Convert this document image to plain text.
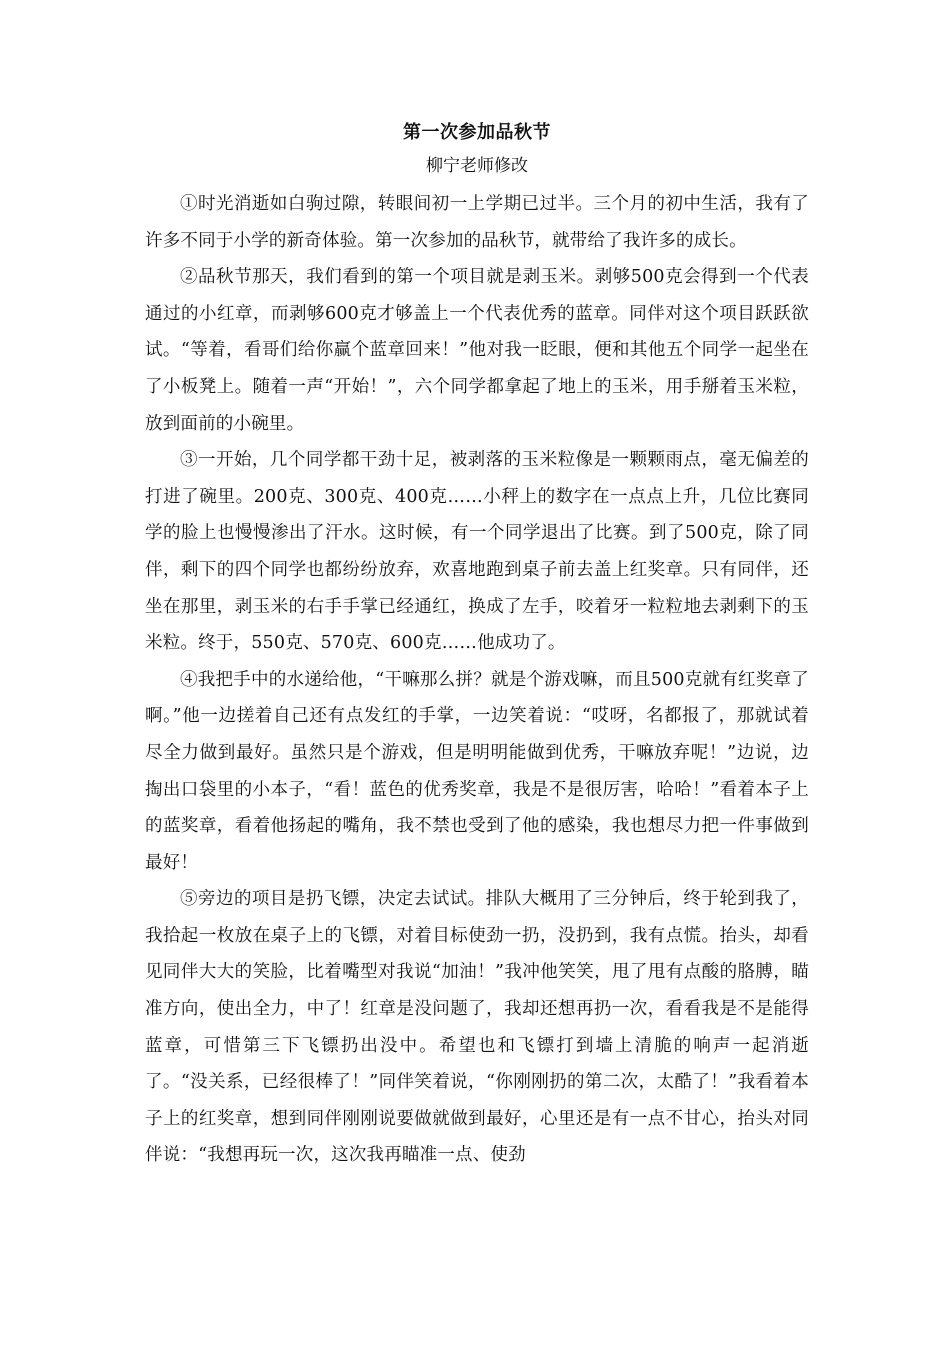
第一次参加品秋节

柳宁老师修改

①时光消逝如白驹过隙，转眼间初一上学期已过半。三个月的初中生活，我有了许多不同于小学的新奇体验。第一次参加的品秋节，就带给了我许多的成长。

②品秋节那天，我们看到的第一个项目就是剥玉米。剥够500克会得到一个代表通过的小红章，而剥够600克才够盖上一个代表优秀的蓝章。同伴对这个项目跃跃欲试。“等着，看哥们给你赢个蓝章回来！”他对我一眨眼，便和其他五个同学一起坐在了小板凳上。随着一声“开始！”，六个同学都拿起了地上的玉米，用手掰着玉米粒，放到面前的小碗里。

③一开始，几个同学都干劲十足，被剥落的玉米粒像是一颗颗雨点，毫无偏差的打进了碗里。200克、300克、400克……小秤上的数字在一点点上升，几位比赛同学的脸上也慢慢渗出了汗水。这时候，有一个同学退出了比赛。到了500克，除了同伴，剩下的四个同学也都纷纷放弃，欢喜地跑到桌子前去盖上红奖章。只有同伴，还坐在那里，剥玉米的右手手掌已经通红，换成了左手，咬着牙一粒粒地去剥剩下的玉米粒。终于，550克、570克、600克……他成功了。

④我把手中的水递给他，“干嘛那么拼？就是个游戏嘛，而且500克就有红奖章了啊。”他一边搓着自己还有点发红的手掌，一边笑着说：“哎呀，名都报了，那就试着尽全力做到最好。虽然只是个游戏，但是明明能做到优秀，干嘛放弃呢！”边说，边掏出口袋里的小本子，“看！蓝色的优秀奖章，我是不是很厉害，哈哈！”看着本子上的蓝奖章，看着他扬起的嘴角，我不禁也受到了他的感染，我也想尽力把一件事做到最好！

⑤旁边的项目是扔飞镖，决定去试试。排队大概用了三分钟后，终于轮到我了，我拾起一枚放在桌子上的飞镖，对着目标使劲一扔，没扔到，我有点慌。抬头，却看见同伴大大的笑脸，比着嘴型对我说“加油！”我冲他笑笑，甩了甩有点酸的胳膊，瞄准方向，使出全力，中了！红章是没问题了，我却还想再扔一次，看看我是不是能得蓝章，可惜第三下飞镖扔出没中。希望也和飞镖打到墙上清脆的响声一起消逝了。“没关系，已经很棒了！”同伴笑着说，“你刚刚扔的第二次，太酷了！”我看着本子上的红奖章，想到同伴刚刚说要做就做到最好，心里还是有一点不甘心，抬头对同伴说：“我想再玩一次，这次我再瞄准一点、使劲
